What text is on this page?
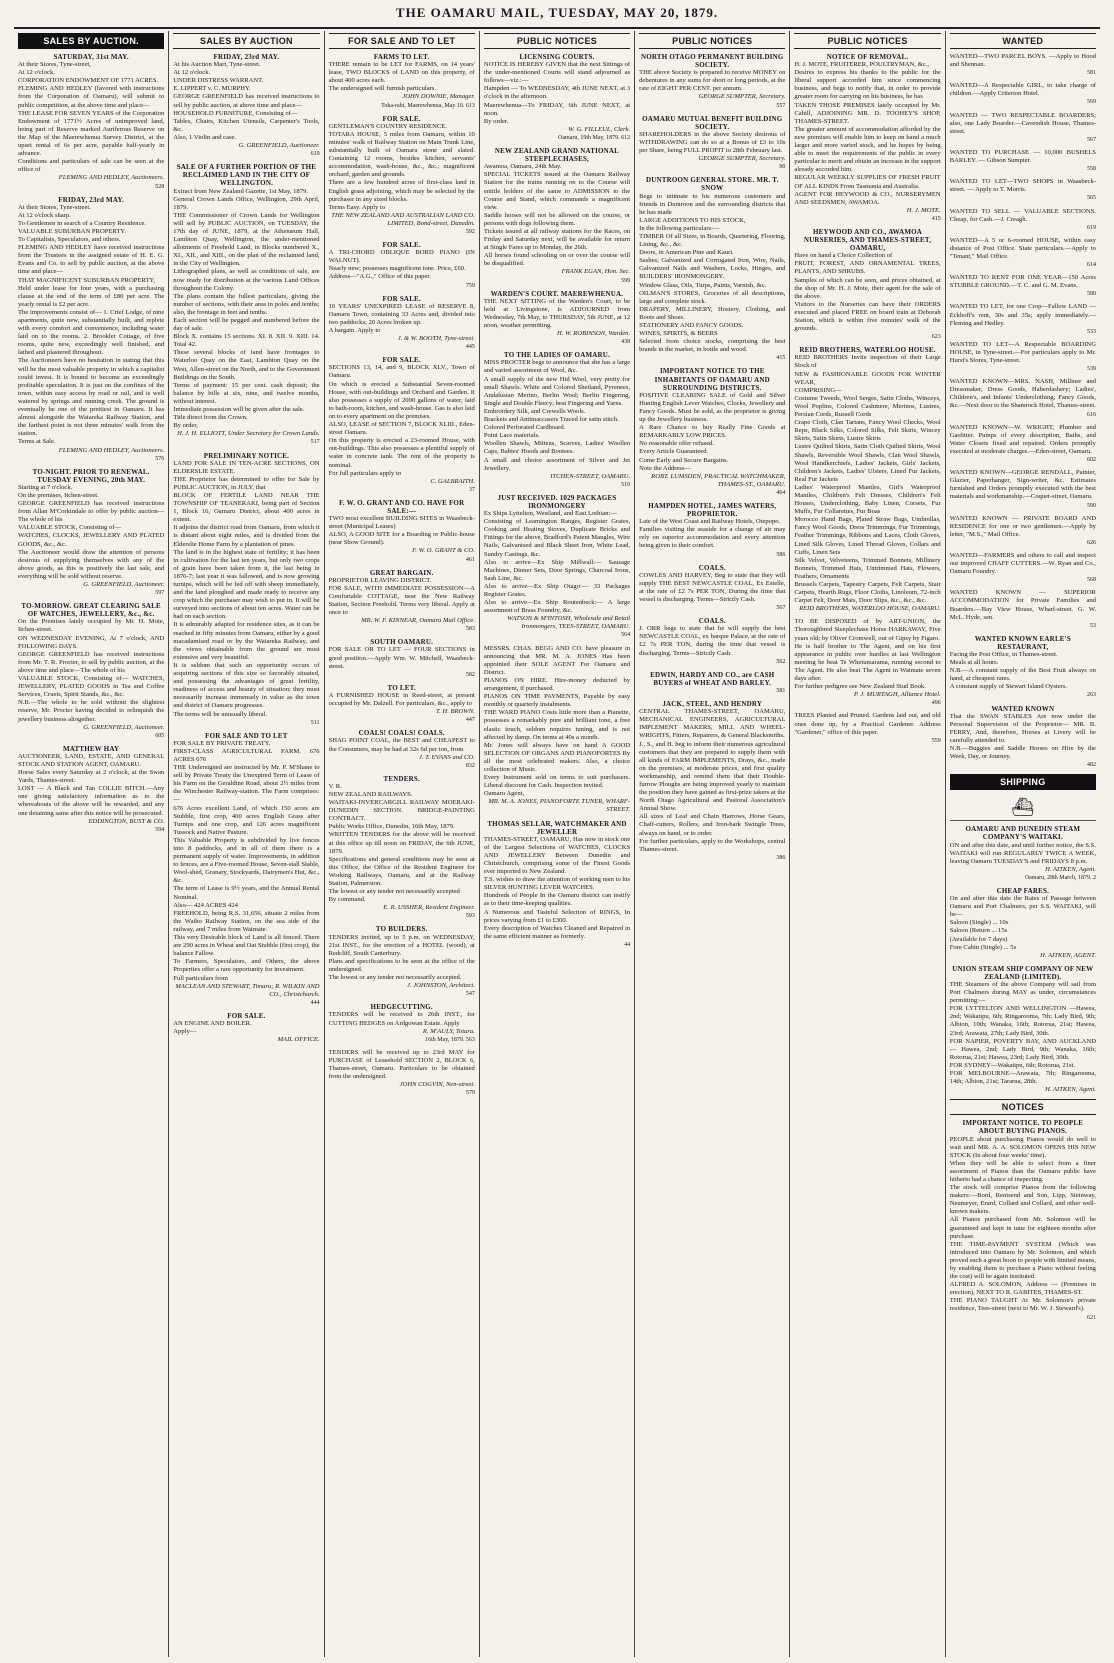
THE OAMARU MAIL, TUESDAY, MAY 20, 1879.
SALES BY AUCTION.
SATURDAY, 31st MAY.
At their Stores, Tyne-street,
At 12 o'clock.
CORPORATION ENDOWMENT OF 1771 ACRES.
FLEMING AND HEDLEY (favored with instructions from the Corporation of Oamaru), will submit to public competition, at the above time and place—
THE LEASE FOR SEVEN YEARS of the Corporation Endowment of 1771½ Acres of unimproved land, being part of Reserve marked Auriferous Reserve on the Map of the Maerewhenua Survey District, at the upset rental of 6s per acre, payable half-yearly in advance.
Conditions and particulars of sale can be seen at the office of
FLEMING AND HEDLEY, Auctioneers.
528
FRIDAY, 23rd MAY.
At their Stores, Tyne-street.
At 12 o'clock sharp.
To Gentlemen in search of a Country Residence.
VALUABLE SUBURBAN PROPERTY.
To Capitalists, Speculators, and others.
FLEMING AND HEDLEY have received instructions from the Trustees in the assigned estate of H. E. G. Evans and Co. to sell by public auction, at the above time and place—
THAT MAGNIFICENT SUBURBAN PROPERTY,
Held under lease for four years, with a purchasing clause at the end of the term of £80 per acre. The yearly rental is £2 per acre.
The improvements consist of— 1. Crief Lodge, of nine apartments, quite new, substantially built, and replete with every comfort and convenience, including water laid on to the rooms. 2. Brooklet Cottage, of five rooms, quite new, exceedingly well finished, and lathed and plastered throughout.
The Auctioneers have no hesitation in stating that this will be the most valuable property in which a capitalist could invest. It is bound to become an exceedingly profitable speculation. It is just on the confines of the town, within easy access by road or rail, and is well watered by springs and running creek. The ground is eventually be one of the prettiest in Oamaru. It has almost alongside the Waiareka Railway Station, and the farthest point is not three minutes' walk from the station.
Terms at Sale.
FLEMING AND HEDLEY, Auctioneers.
576
TO-NIGHT. PRIOR TO RENEWAL. TUESDAY EVENING, 20th MAY.
Starting at 7 o'clock.
On the premises, Itchen-street.
GEORGE GREENFIELD has received instructions from Allan M'Corkindale to offer by public auction—The whole of his
VALUABLE STOCK, Consisting of—
WATCHES, CLOCKS, JEWELLERY AND PLATED GOODS, &c., &c.
The Auctioneer would draw the attention of persons desirous of supplying themselves with any of the above goods, as this is positively the last sale, and everything will be sold without reserve.
G. GREENFIELD, Auctioneer.
597
TO-MORROW. GREAT CLEARING SALE OF WATCHES, JEWELLERY, &c., &c.
On the Premises lately occupied by Mr. H. Mote, Itchen-street.
ON WEDNESDAY EVENING, At 7 o'clock, AND FOLLOWING DAYS.
GEORGE GREENFIELD has received instructions from Mr. T. R. Procter, to sell by public auction, at the above time and place—The whole of his
VALUABLE STOCK, Consisting of— WATCHES, JEWELLERY, PLATED GOODS in Tea and Coffee Services, Cruets, Spirit Stands, &c., &c.
N.B.—The whole to be sold without the slightest reserve, Mr. Procter having decided to relinquish the jewellery business altogether.
G. GREENFIELD, Auctioneer.
605
MATTHEW HAY
AUCTIONEER, LAND, ESTATE, AND GENERAL STOCK AND STATION AGENT, OAMARU.
Horse Sales every Saturday at 2 o'clock, at the Swan Yards, Thames-street.
LOST — A Black and Tan COLLIE BITCH.—Any one giving satisfactory information as to the whereabouts of the above will be rewarded, and any one detaining same after this notice will be prosecuted.
EDDINGTON, BUST & CO.
594
SALES BY AUCTION
FRIDAY, 23rd MAY.
At his Auction Mart, Tyne-street.
At 12 o'clock.
UNDER DISTRESS WARRANT.
E. LIPPERT v. C. MURPHY.
GEORGE GREENFIELD has received instructions to sell by public auction, at above time and place—
HOUSEHOLD FURNITURE, Consisting of—
Tables, Chairs, Kitchen Utensils, Carpenter's Tools, &c.
Also, 1 Violin and case.
G. GREENFIELD, Auctioneer.
619
SALE OF A FURTHER PORTION OF THE RECLAIMED LAND IN THE CITY OF WELLINGTON.
Extract from New Zealand Gazette, 1st May, 1879.
General Crown Lands Office, Wellington, 29th April, 1879.
THE Commissioner of Crown Lands for Wellington will sell by PUBLIC AUCTION, on TUESDAY, the 17th day of JUNE, 1879, at the Athenæum Hall, Lambton Quay, Wellington, the under-mentioned allotments of Freehold Land, in Blocks numbered X., XI., XII., and XIII., on the plan of the reclaimed land, in the City of Wellington.
Lithographed plans, as well as conditions of sale, are now ready for distribution at the various Land Offices throughout the Colony.
The plans contain the fullest particulars, giving the number of sections, with their area in poles and tenths; also, the frontage in feet and tenths.
Each section will be pegged and numbered before the day of sale.
Block X. contains 15 sections. XI. 8. XII. 9. XIII. 14. Total 42.
These several blocks of land have frontages to Waterloo Quay on the East, Lambton Quay on the West, Allen-street on the North, and to the Government Buildings on the South.
Terms of payment: 15 per cent. cash deposit; the balance by bills at six, nine, and twelve months, without interest.
Immediate possession will be given after the sale.
Title direct from the Crown.
By order,
H. J. H. ELLIOTT, Under Secretary for Crown Lands.
517
PRELIMINARY NOTICE.
LAND FOR SALE IN TEN-ACRE SECTIONS, ON ELDERSLIE ESTATE.
THE Proprietor has determined to offer for Sale by PUBLIC AUCTION, in JULY, that
BLOCK OF FERTILE LAND NEAR THE TOWNSHIP OF TEANERAKI, being part of Section 1, Block 16, Oamaru District, about 400 acres in extent.
It adjoins the district road from Oamaru, from which it is distant about eight miles, and is divided from the Elderslie Home Farm by a plantation of pines.
The land is in the highest state of fertility; it has been in cultivation for the last ten years, but only two crops of grain have been taken from it, the last being in 1876-7; last year it was fallowed, and is now growing turnips, which will be fed off with sheep immediately, and the land ploughed and made ready to receive any crop which the purchaser may wish to put in. It will be surveyed into sections of about ten acres. Water can be had on each section.
It is admirably adapted for residence sites, as it can be reached in fifty minutes from Oamaru, either by a good macadamised road or by the Waiareka Railway, and the views obtainable from the ground are most extensive and very beautiful.
It is seldom that such an opportunity occurs of acquiring sections of this size so favorably situated, and possessing the advantages of great fertility, readiness of access and beauty of situation; they must necessarily increase immensely in value as the town and district of Oamaru progresses.
The terms will be unusually liberal.
511
FOR SALE AND TO LET
FOR SALE BY PRIVATE TREATY.
FIRST-CLASS AGRICULTURAL FARM. 676 ACRES 676
THE Undersigned are instructed by Mr. P. M'Shane to sell by Private Treaty the Unexpired Term of Lease of his Farm on the Geraldine Road, about 2½ miles from the Winchester Railway-station. The Farm comprises:—
676 Acres excellent Land, of which 150 acres are Stubble, first crop, 400 acres English Grass after Turnips and one crop, and 126 acres magnificent Tussock and Native Pasture.
This Valuable Property is subdivided by live fences into 8 paddocks, and in all of them there is a permanent supply of water. Improvements, in addition to fences, are a Five-roomed House, Seven-stall Stable, Wool-shed, Granary, Stockyards, Dairymen's Hut, &c., &c.
The term of Lease is 9½ years, and the Annual Rental Nominal.
Also— 424 ACRES 424
FREEHOLD, being R.S. 31,656, situate 2 miles from the Waiho Railway Station, on the sea side of the railway, and 7 miles from Waimate.
This very Desirable block of Land is all fenced. There are 290 acres in Wheat and Oat Stubble (first crop), the balance Fallow.
To Farmers, Speculators, and Others, the above Properties offer a rare opportunity for investment.
Full particulars from
MACLEAN AND STEWART, Timaru; R. WILKIN AND CO., Christchurch.
444
FOR SALE.
AN ENGINE AND BOILER.
Apply—
MAIL OFFICE.
FOR SALE AND TO LET
FARMS TO LET.
THERE remain to be LET for FARMS, on 14 years' lease, TWO BLOCKS of LAND on this property, of about 400 acres each.
The undersigned will furnish particulars.
JOHN DOWNIE, Manager.
Toka-rahi, Maerewhenua, May 10. 613
FOR SALE.
GENTLEMAN'S COUNTRY RESIDENCE.
TOTARA HOUSE, 5 miles from Oamaru, within 10 minutes' walk of Railway Station on Main Trunk Line, substantially built of Oamaru stone and slated. Containing 12 rooms, besides kitchen, servants' accommodation, wash-house, &c., &c.; magnificent orchard, garden and grounds.
There are a few hundred acres of first-class land in English grass adjoining, which may be selected by the purchaser in any sized blocks.
Terms Easy. Apply to
THE NEW ZEALAND AND AUSTRALIAN LAND CO. LIMITED, Bond-street, Dunedin.
592
FOR SALE.
A TRI-CHORD OBLIQUE BORD PIANO (IN WALNUT).
Nearly new; possesses magnificent tone. Price, £60.
Address—"A.G.," Office of this paper.
759
FOR SALE.
10 YEARS' UNEXPIRED LEASE of RESERVE 8, Oamaru Town, containing 33 Acres and, divided into two paddocks; 20 Acres broken up.
A bargain. Apply to
J. & W. BOOTH, Tyne-street.
445
FOR SALE.
SECTIONS 13, 14, and 9, BLOCK XLV., Town of Oamaru.
On which is erected a Substantial Seven-roomed House, with out-buildings and Orchard and Garden. It also possesses a supply of 2000 gallons of water, laid to bath-room, kitchen, and wash-house. Gas is also laid on to every apartment on the premises.
ALSO, LEASE of SECTION 7, BLOCK XLIII., Eden-street Oamaru.
On this property is erected a 23-roomed House, with out-buildings. This also possesses a plentiful supply of water in concrete tank. The rent of the property is nominal.
For full particulars apply to
C. GALBRAITH.
37
F. W. O. GRANT AND CO. HAVE FOR SALE:—
TWO most excellent BUILDING SITES in Waasbeck-street (Municipal Leases)
ALSO, A GOOD SITE for a Boarding or Public-house (near Show Ground).
F. W. O. GRANT & CO.
461
GREAT BARGAIN.
PROPRIETOR LEAVING DISTRICT.
FOR SALE, WITH IMMEDIATE POSSESSION—A Comfortable COTTAGE, near the New Railway Station, Section Freehold. Terms very liberal. Apply at once to
MR. W. F. KINNEAR, Oamaru Mail Office.
583
SOUTH OAMARU.
FOR SALE OR TO LET — FOUR SECTIONS in good position.—Apply Wm. W. Mitchell, Waasbeck-street.
582
TO LET.
A FURNISHED HOUSE in Reed-street, at present occupied by Mr. Dalzell. For particulars, &c., apply to
T. H. BROWN.
447
COALS! COALS! COALS.
SHAG POINT COAL, the BEST and CHEAPEST to the Consumers, may be had at 32s 6d per ton, from
J. T. EVANS and CO.
832
TENDERS.
V. R.
NEW ZEALAND RAILWAYS.
WAITAKI-INVERCARGILL RAILWAY MOERAKI-DUNEDIN SECTION. BRIDGE-PAINTING CONTRACT.
Public Works Office, Dunedin, 16th May, 1879.
WRITTEN TENDERS for the above will be received at this office up till noon on FRIDAY, the 6th JUNE, 1879.
Specifications and general conditions may be seen at this Office, the Office of the Resident Engineer for Working Railways, Oamaru, and at the Railway Station, Palmerston.
The lowest or any tender not necessarily accepted
By command.
E. R. USSHER, Resident Engineer.
593
TO BUILDERS.
TENDERS invited, up to 5 p.m. on WEDNESDAY, 21st INST., for the erection of a HOTEL (wood), at Redcliff, South Canterbury.
Plans and specifications to be seen at the office of the undersigned.
The lowest or any tender not necessarily accepted.
J. JOHNSTON, Architect.
547
HEDGECUTTING.
TENDERS will be received to 26th INST., for CUTTING HEDGES on Ardgowan Estate. Apply
R. M'AULY, Totara.
16th May, 1879. 563
TENDERS will be received up to 23rd MAY for PURCHASE of Leasehold SECTION 2, BLOCK 6, Thames-street, Oamaru. Particulars to be obtained from the undersigned.
JOHN COGVIN, Nen-street.
579
PUBLIC NOTICES
LICENSING COURTS.
NOTICE IS HEREBY GIVEN that the next Sittings of the under-mentioned Courts will stand adjourned as follows—viz.:—
Hampden — To WEDNESDAY, 4th JUNE NEXT, at 3 o'clock in the afternoon.
Maerewhenua—To FRIDAY, 6th JUNE NEXT, at noon.
By order.
W. G. FILLEUL, Clerk.
Oamaru, 19th May, 1879. 612
NEW ZEALAND GRAND NATIONAL STEEPLECHASES,
Awamoa, Oamaru, 24th May.
SPECIAL TICKETS issued at the Oamaru Railway Station for the trains running on to the Course will entitle holders of the same to ADMISSION to the Course and Stand, which commands a magnificent view.
Saddle horses will not be allowed on the course, or persons with dogs following them.
Tickets issued at all railway stations for the Races, on Friday and Saturday next, will be available for return at Single Fares up to Monday, the 26th.
All horses found schooling on or over the course will be disqualified.
FRANK EGAN, Hon. Sec.
599
WARDEN'S COURT. MAEREWHENUA.
THE NEXT SITTING of the Warden's Court, to be held at Livingstone, is ADJOURNED from Wednesday, 7th May, to THURSDAY, 5th JUNE, at 12 noon, weather permitting.
H. W. ROBINSON, Warden.
438
TO THE LADIES OF OAMARU.
MISS PROCTER begs to announce that she has a large and varied assortment of Wool, &c.
A small supply of the new Hid Wool, very pretty for small Shawls. White and Colored Shetland, Pyrenees, Andalusian Merino, Berlin Wool; Berlin Fingering, Single and Double Fleecy; best Fingering and Yarns.
Embroidery Silk, and Crewells Wools.
Brackets and Antimaccasers Traced for satin stitch.
Colored Perforated Cardboard.
Point Lace materials.
Woollen Shawls, Mittens, Scarves, Ladies' Woollen Caps, Babies' Hoods and Bootees.
A small and choice assortment of Silver and Jet Jewellery.
ITCHEN-STREET, OAMARU.
510
JUST RECEIVED. 1029 PACKAGES IRONMONGERY
Ex Ships Lyttelton, Westland, and East Lothian:—
Consisting of Leamington Ranges, Register Grates, Cooking and Heating Stoves, Duplicate Bricks and Fittings for the above, Bradford's Patent Mangles, Wire Nails, Galvanised and Black Sheet Iron, White Lead, Sundry Castings, &c.
Also to arrive—Ex Ship Millwall:— Sausage Machines, Dinner Sets, Door Springs, Charcoal Irons, Sash Line, &c.
Also to arrive—Ex Ship Otago:— 33 Packages Register Grates.
Also to arrive—Ex Ship Routenbeck:— A large assortment of Brass Foundry, &c.
WATSON & M'INTOSH, Wholesale and Retail Ironmongers, TEES-STREET, OAMARU.
564
MESSRS. CHAS. BEGG AND CO. have pleasure in announcing that MR. M. A. JONES Has been appointed their SOLE AGENT For Oamaru and District.
PIANOS ON HIRE. Hire-money deducted by arrangement, if purchased.
PIANOS ON TIME PAYMENTS, Payable by easy monthly or quarterly instalments.
THE WARD PIANO Costs little more than a Pianette, possesses a remarkably pure and brilliant tone, a free elastic touch, seldom requires tuning, and is not affected by damp. On terms at 40s a month.
Mr. Jones will always have on hand A GOOD SELECTION OF ORGANS AND PIANOFORTES By all the most celebrated makers. Also, a choice collection of Music.
Every Instrument sold on terms to suit purchasers. Liberal discount for Cash. Inspection invited.
Oamaru Agent,
MR. M. A. JONES, PIANOFORTE TUNER, WHARF-STREET.
THOMAS SELLAR, WATCHMAKER AND JEWELLER
THAMES-STREET, OAMARU, Has now in stock one of the Largest Selections of WATCHES, CLOCKS AND JEWELLERY Between Dunedin and Christchurch, comprising some of the Finest Goods ever imported to New Zealand.
T.S. wishes to draw the attention of working men to his SILVER HUNTING LEVER WATCHES.
Hundreds of People In the Oamaru district can testify as to their time-keeping qualities.
A Numerous and Tasteful Selection of RINGS, In prices varying from £1 to £300.
Every description of Watches Cleaned and Repaired in the same efficient manner as formerly.
44
PUBLIC NOTICES
NORTH OTAGO PERMANENT BUILDING SOCIETY.
THE above Society is prepared to receive MONEY on debentures in any sums for short or long periods, at the rate of EIGHT PER CENT. per annum.
GEORGE SUMPTER, Secretary.
557
OAMARU MUTUAL BENEFIT BUILDING SOCIETY.
SHAREHOLDERS in the above Society desirous of WITHDRAWING can do so at a Bonus of £3 to 10s per Share, being FULL PROFIT to 28th February last.
GEORGE SUMPTER, Secretary.
90
DUNTROON GENERAL STORE. MR. T. SNOW
Begs to intimate to his numerous customers and friends in Duntroon and the surrounding districts that he has made
LARGE ADDITIONS TO HIS STOCK,
In the following particulars:—
TIMBER Of all Sizes, in Boards, Quartering, Flooring, Lining, &c., &c.
Doors, in American Pine and Kauri.
Sashes; Galvanized and Corrugated Iron, Wire, Nails, Galvanized Nails and Washers, Locks, Hinges, and BUILDERS' IRONMONGERY.
Window Glass, Oils, Turps, Paints, Varnish, &c.
OILMAN'S STORES, Groceries of all descriptions, large and complete stock.
DRAPERY, MILLINERY, Hosiery, Clothing, and Boots and Shoes.
STATIONERY AND FANCY GOODS.
WINES, SPIRITS, & BEERS
Selected from choice stocks, comprising the best brands in the market, in bottle and wood.
415
IMPORTANT NOTICE TO THE INHABITANTS OF OAMARU AND SURROUNDING DISTRICTS.
POSITIVE CLEARING SALE of Gold and Silver Hunting English Lever Watches, Clocks, Jewellery and Fancy Goods. Must be sold, as the proprietor is giving up the Jewellery business.
A Rare Chance to buy Really Fine Goods at REMARKABLY LOW PRICES.
No reasonable offer refused.
Every Article Guaranteed.
Come Early and Secure Bargains.
Note the Address—
ROBT. LUMSDEN, PRACTICAL WATCHMAKER, THAMES-ST., OAMARU.
464
HAMPDEN HOTEL, JAMES WATERS, PROPRIETOR.
Late of the West Coast and Railway Hotels, Otepopo.
Families visiting the seaside for a change of air may rely on superior accommodation and every attention being given to their comfort.
586
COALS.
COWLES AND HARVEY, Beg to state that they will supply THE BEST NEWCASTLE COAL, Ex Estelle, at the rate of £2 7s PER TON, During the time that vessel is discharging. Terms—Strictly Cash.
567
COALS.
J. ORR begs to state that he will supply the best NEWCASTLE COAL, ex barque Palace, at the rate of £2 7s PER TON, during the time that vessel is discharging. Terms—Strictly Cash.
562
EDWIN, HARDY AND CO., are CASH BUYERS of WHEAT AND BARLEY.
581
JACK, STEEL, AND HENDRY
CENTRAL THAMES-STREET, OAMARU, MECHANICAL ENGINEERS, AGRICULTURAL IMPLEMENT MAKERS, MILL AND WHEEL-WRIGHTS, Fitters, Repairers, & General Blacksmiths.
J., S., and H. beg to inform their numerous agricultural customers that they are prepared to supply them with all kinds of FARM IMPLEMENTS, Drays, &c., made on the premises, at moderate prices, and first quality workmanship, and remind them that their Double-furrow Ploughs are being improved yearly to maintain the position they have gained as first-prize takers at the North Otago Agricultural and Pastoral Association's Annual Show.
All sizes of Leaf and Chain Harrows, Horse Gears, Chaff-cutters, Rollers, and Iron-bark Swingle Trees, always on hand, or to order.
For further particulars, apply to the Workshops, central Thames-street.
386
PUBLIC NOTICES
NOTICE OF REMOVAL.
H. J. MOTE, FRUITERER, POULTRYMAN, &c.,
Desires to express his thanks to the public for the liberal support accorded him since commencing business, and begs to notify that, in order to provide greater room for carrying on his business, he has
TAKEN THOSE PREMISES lately occupied by Mr. Cahill, ADJOINING MR. D. TOOHEY'S SHOP, THAMES-STREET.
The greater amount of accommodation afforded by the new premises will enable him to keep on hand a much larger and more varied stock, and he hopes by being able to meet the requirements of the public in every particular to merit and obtain an increase in the support already accorded him.
REGULAR WEEKLY SUPPLIES OF FRESH FRUIT OF ALL KINDS From Tasmania and Australia.
AGENT FOR HEYWOOD & CO., NURSERYMEN AND SEEDSMEN, AWAMOA.
H. J. MOTE.
415
HEYWOOD AND CO., AWAMOA NURSERIES, AND THAMES-STREET, OAMARU,
Have on hand a Choice Collection of
FRUIT, FOREST, AND ORNAMENTAL TREES, PLANTS, AND SHRUBS.
Samples of which can be seen, and prices obtained, at the shop of Mr. H. J. Mote, their agent for the sale of the above.
Visitors to the Nurseries can have their ORDERS executed and placed FREE on board train at Deborah Station, which is within five minutes' walk of the grounds.
623
REID BROTHERS, WATERLOO HOUSE.
REID BROTHERS Invite inspection of their Large Stock of
NEW & FASHIONABLE GOODS FOR WINTER WEAR,
COMPRISING—
Costume Tweeds, Wool Serges, Satin Cloths, Winceys, Wool Poplins, Colored Cashmere, Merinos, Lustres, Persian Cords, Russell Cords
Crape Cloth, Clan Tartans, Fancy Wool Checks, Wool Reps, Black Silks, Colored Silks, Felt Skirts, Wincey Skirts, Satin Skirts, Lustre Skirts
Lustre Quilted Skirts, Satin Cloth Quilted Skirts, Wool Shawls, Reversible Wool Shawls, Clan Wool Shawls, Wool Handkerchiefs, Ladies' Jackets, Girls' Jackets, Children's Jackets, Ladies' Ulsters, Lined Fur Jackets, Real Fur Jackets
Ladies' Waterproof Mantles, Girl's Waterproof Mantles, Children's Felt Dresses, Children's Felt Houses, Underclothing, Baby Linen, Corsets, Fur Muffs, Fur Collarettes, Fur Boas
Morocco Hand Bags, Plated Straw Bags, Umbrellas, Fancy Wool Goods, Dress Trimmings, Fur Trimmings, Feather Trimmings, Ribbons and Laces, Cloth Gloves, Lined Silk Gloves, Lined Thread Gloves, Collars and Cuffs, Linen Sets
Silk Velvet, Velveteens, Trimmed Bonnets, Millinery Bonnets, Trimmed Hats, Untrimmed Hats, Flowers, Feathers, Ornaments
Brussels Carpets, Tapestry Carpets, Felt Carpets, Stair Carpets, Hearth Rugs, Floor Cloths, Linoleum, 72-inch Carpet Felt, Door Mats, Door Slips, &c., &c., &c.
REID BROTHERS, WATERLOO HOUSE, OAMARU.
TO BE DISPOSED of by ART-UNION, the Thoroughbred Steeplechase Horse HARKAWAY, Five years old; by Oliver Cromwell, out of Gipsy by Figaro.
He is half brother to The Agent, and on his first appearance in public over hurdles at last Wellington meeting he beat Te Whetumarama, running second to The Agent. He also beat The Agent in Waimate seven days after.
For further pedigree see New Zealand Stud Book.
P. J. MURTAGH, Alliance Hotel.
496
TREES Planted and Pruned. Gardens laid out, and old ones done up, by a Practical Gardener. Address "Gardener," office of this paper.
559
WANTED
WANTED—TWO PARCEL BOYS. —Apply to Hood and Shennan.
581
WANTED—A Respectable GIRL, to take charge of children.—Apply Criterion Hotel.
569
WANTED — TWO RESPECTABLE BOARDERS; also, one Lady Boarder.—Cavendish House, Thames-street.
567
WANTED TO PURCHASE — 10,000 BUSHELS BARLEY. — Gibson Sumpter.
558
WANTED TO LET—TWO SHOPS in Waasbeck-street. — Apply to T. Morris.
565
WANTED TO SELL — VALUABLE SECTIONS. Cheap, for Cash.—J. Creagh.
619
WANTED—A 5 or 6-roomed HOUSE, within easy distance of Post Office. State particulars.—Apply to "Tenant," Mail Office.
614
WANTED TO RENT FOR ONE YEAR—150 Acres STUBBLE GROUND.—T. C. and G. M. Evans.
580
WANTED TO LET, for one Crop—Fallow LAND — Eckhoff's rent, 30s and 35s; apply immediately.—Fleming and Hedley.
533
WANTED TO LET—A Respectable BOARDING HOUSE, in Tyne-street.—For particulars apply to Mr. Hurst's Stores, Tyne-street.
539
WANTED KNOWN—MRS. NASH, Milliner and Dressmaker, Dress Goods, Haberdashery; Ladies', Children's, and Infants' Underclothing; Fancy Goods, &c.—Next door to the Shamrock Hotel, Thames-street.
616
WANTED KNOWN—W. WRIGHT, Plumber and Gasfitter. Pumps of every description, Baths, and Water Closets fixed and repaired. Orders promptly executed at moderate charges.—Eden-street, Oamaru.
602
WANTED KNOWN—GEORGE RENDALL, Painter, Glazier, Paperhanger, Sign-writer, &c. Estimates furnished and Orders promptly executed with the best materials and workmanship.—Coquet-street, Oamaru.
590
WANTED KNOWN — PRIVATE BOARD AND RESIDENCE for one or two gentlemen.—Apply by letter, "M.S.," Mail Office.
626
WANTED—FARMERS and others to call and inspect our improved CHAFF CUTTERS.—W. Ryan and Co., Oamaru Foundry.
568
WANTED KNOWN — SUPERIOR ACCOMMODATION for Private Families and Boarders.—Bay View House, Wharf-street. G. W. McL. Hyde, sen.
53
WANTED KNOWN EARLE'S RESTAURANT,
Facing the Post Office, in Thames-street.
Meals at all hours.
N.B.—A constant supply of the Best Fruit always on hand, at cheapest rates.
A constant supply of Stewart Island Oysters.
263
WANTED KNOWN
That the SWAN STABLES Are now under the Personal Supervision of the Proprietor— MR. B. FERRY, And, therefore, Horses at Livery will be carefully attended to.
N.B.—Buggies and Saddle Horses on Hire by the Week, Day, or Journey.
482
SHIPPING
⛴
OAMARU AND DUNEDIN STEAM COMPANY'S WAITAKI.
ON and after this date, and until further notice, the S.S. WAITAKI will run REGULARLY TWICE A WEEK, leaving Oamaru TUESDAY'S and FRIDAYS 8 p.m.
H. AITKEN, Agent.
Oamaru, 28th March, 1879. 2
CHEAP FARES.
On and after this date the Rates of Passage between Oamaru and Port Chalmers, per S.S. WAITAKI, will be—
Saloon (Single) ... 10s
Saloon (Return ... 15s
(Available for 7 days)
Fore Cabin (Single) ... 5s
H. AITKEN, AGENT.
UNION STEAM SHIP COMPANY OF NEW ZEALAND (LIMITED).
THE Steamers of the above Company will sail from Port Chalmers during MAY as under, circumstances permitting:—
FOR LYTTELTON AND WELLINGTON —Hawea, 2nd; Wakatipu, 6th; Ringarooma, 7th; Lady Bird, 9th; Albion, 10th; Wanaka, 16th; Rotorua, 21st; Hawea, 23rd; Arawata, 27th; Lady Bird, 30th.
FOR NAPIER, POVERTY BAY, AND AUCKLAND — Hawea, 2nd; Lady Bird, 9th; Wanaka, 16th; Rotorua, 21st; Hawea, 23rd; Lady Bird, 30th.
FOR SYDNEY—Wakatipu, 6th; Rotorua, 21st.
FOR MELBOURNE—Arawata, 7th; Ringarooma, 14th; Albion, 21st; Tararua, 28th.
H. AITKEN, Agent.
NOTICES
IMPORTANT NOTICE. TO PEOPLE ABOUT BUYING PIANOS.
PEOPLE about purchasing Pianos would do well to wait until MR. A. A. SOLOMON OPENS HIS NEW STOCK (In about four weeks' time).
When they will be able to select from a finer assortment of Pianos than the Oamaru public have hitherto had a chance of inspecting.
The stock will comprise Pianos from the following makers:—Bord, Renisend and Son, Lipp, Steinway, Neumeyer, Erard, Collard and Collard, and other well-known makers.
All Pianos purchased from Mr. Solomon will be guaranteed and kept in tune for eighteen months after purchase.
THE TIME-PAYMENT SYSTEM (Which was introduced into Oamaru by Mr. Solomon, and which proved such a great boon to people with limited means, by enabling them to purchase a Piano without feeling the cost) will be again instituted.
ALFRED A. SOLOMON, Address — (Premises in erection), NEXT TO R. GABITES, THAMES-ST.
THE PIANO TAUGHT At Mr. Solomon's private residence, Tees-street (next to Mr. W. J. Steward's).
621
